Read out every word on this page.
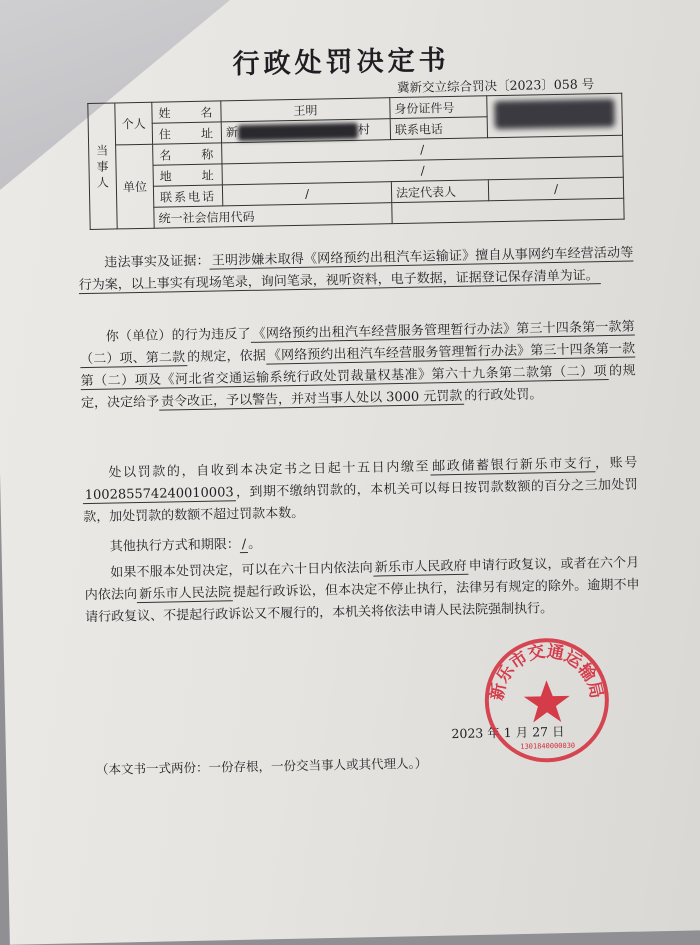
行政处罚决定书
冀新交立综合罚决〔2023〕058 号
当事人	个人	姓　　名	王明	身份证件号	
		住　　址	新 村	联系电话	
	单位	名　　称	/		
		地　　址	/		
		联系电话	/	法定代表人	/
		统一社会信用代码			
违法事实及证据： 王明涉嫌未取得《网络预约出租汽车运输证》擅自从事网约车经营活动等行为案，以上事实有现场笔录，询问笔录，视听资料，电子数据，证据登记保存清单为证。
你（单位）的行为违反了 《网络预约出租汽车经营服务管理暂行办法》第三十四条第一款第（二）项、第二款 的规定，依据 《网络预约出租汽车经营服务管理暂行办法》第三十四条第一款第（二）项及《河北省交通运输系统行政处罚裁量权基准》第六十九条第二款第（二）项 的规定，决定给予 责令改正，予以警告，并对当事人处以 3000 元罚款 的行政处罚。
处以罚款的，自收到本决定书之日起十五日内缴至 邮政储蓄银行新乐市支行 ，账号100285574240010003 ，到期不缴纳罚款的，本机关可以每日按罚款数额的百分之三加处罚款，加处罚款的数额不超过罚款本数。
其他执行方式和期限： / 。
如果不服本处罚决定，可以在六十日内依法向 新乐市人民政府 申请行政复议，或者在六个月内依法向 新乐市人民法院 提起行政诉讼，但本决定不停止执行，法律另有规定的除外。逾期不申请行政复议、不提起行政诉讼又不履行的，本机关将依法申请人民法院强制执行。
2023 年 1 月 27 日
新乐市交通运输局
1301840000030
（本文书一式两份：一份存根，一份交当事人或其代理人。）
